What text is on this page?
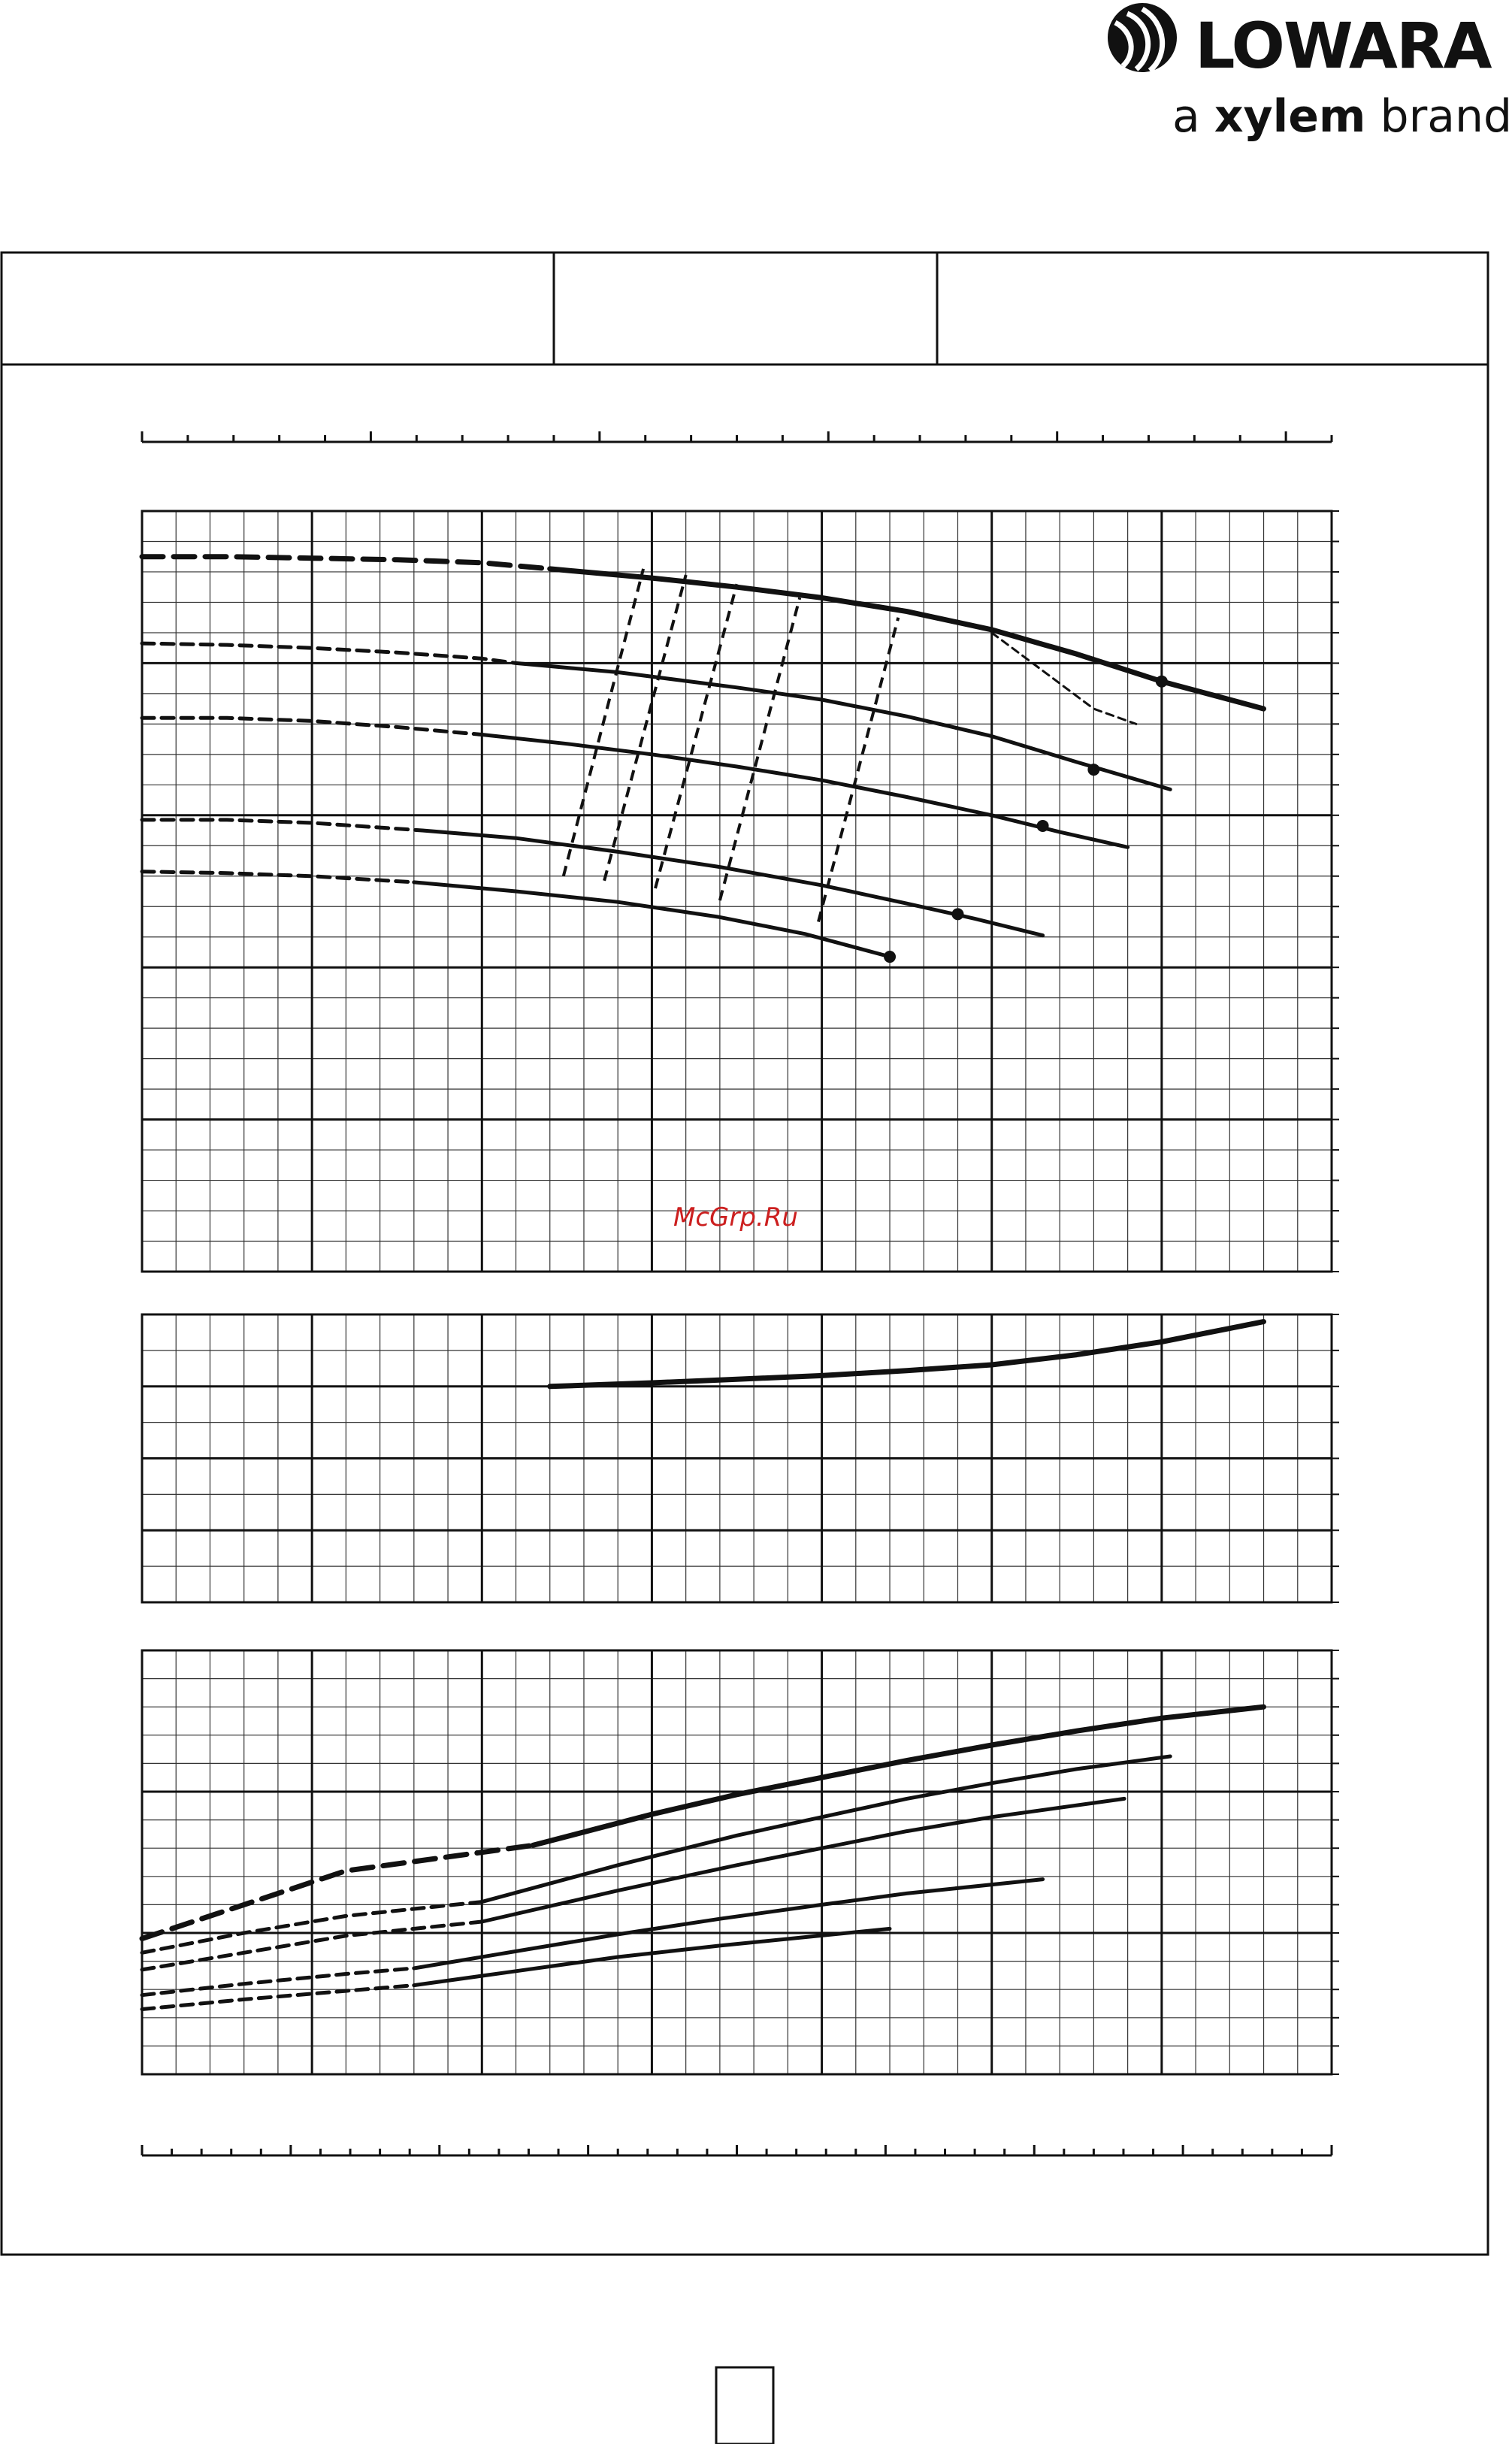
LOWARA
a xylem brand
McGrp.Ru
